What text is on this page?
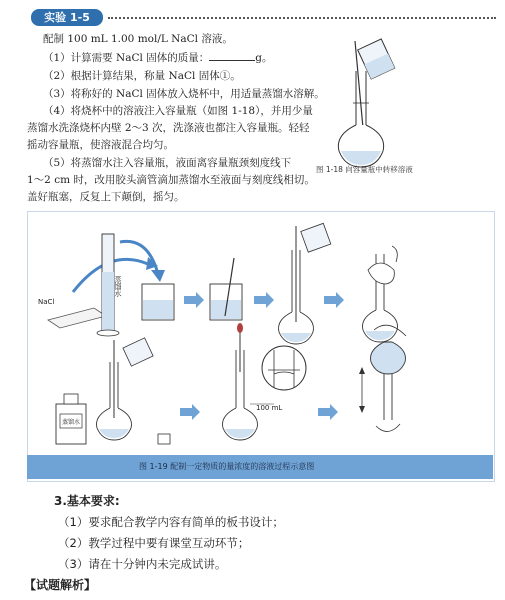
实验 1-5
配制 100 mL 1.00 mol/L NaCl 溶液。
（1）计算需要 NaCl 固体的质量：	g。
（2）根据计算结果，称量 NaCl 固体①。
（3）将称好的 NaCl 固体放入烧杯中，用适量蒸馏水溶解。
（4）将烧杯中的溶液注入容量瓶（如图 1-18），并用少量
蒸馏水洗涤烧杯内壁 2～3 次，洗涤液也都注入容量瓶。轻轻
摇动容量瓶，使溶液混合均匀。
（5）将蒸馏水注入容量瓶，液面离容量瓶颈刻度线下
1～2 cm 时，改用胶头滴管滴加蒸馏水至液面与刻度线相切。
盖好瓶塞，反复上下颠倒，摇匀。
图 1-18 向容量瓶中转移溶液
NaCl
蒸馏水
蒸馏水
100 mL
图 1-19 配制一定物质的量浓度的溶液过程示意图
3.基本要求:
（1）要求配合教学内容有简单的板书设计；
（2）教学过程中要有课堂互动环节；
（3）请在十分钟内未完成试讲。
【试题解析】
